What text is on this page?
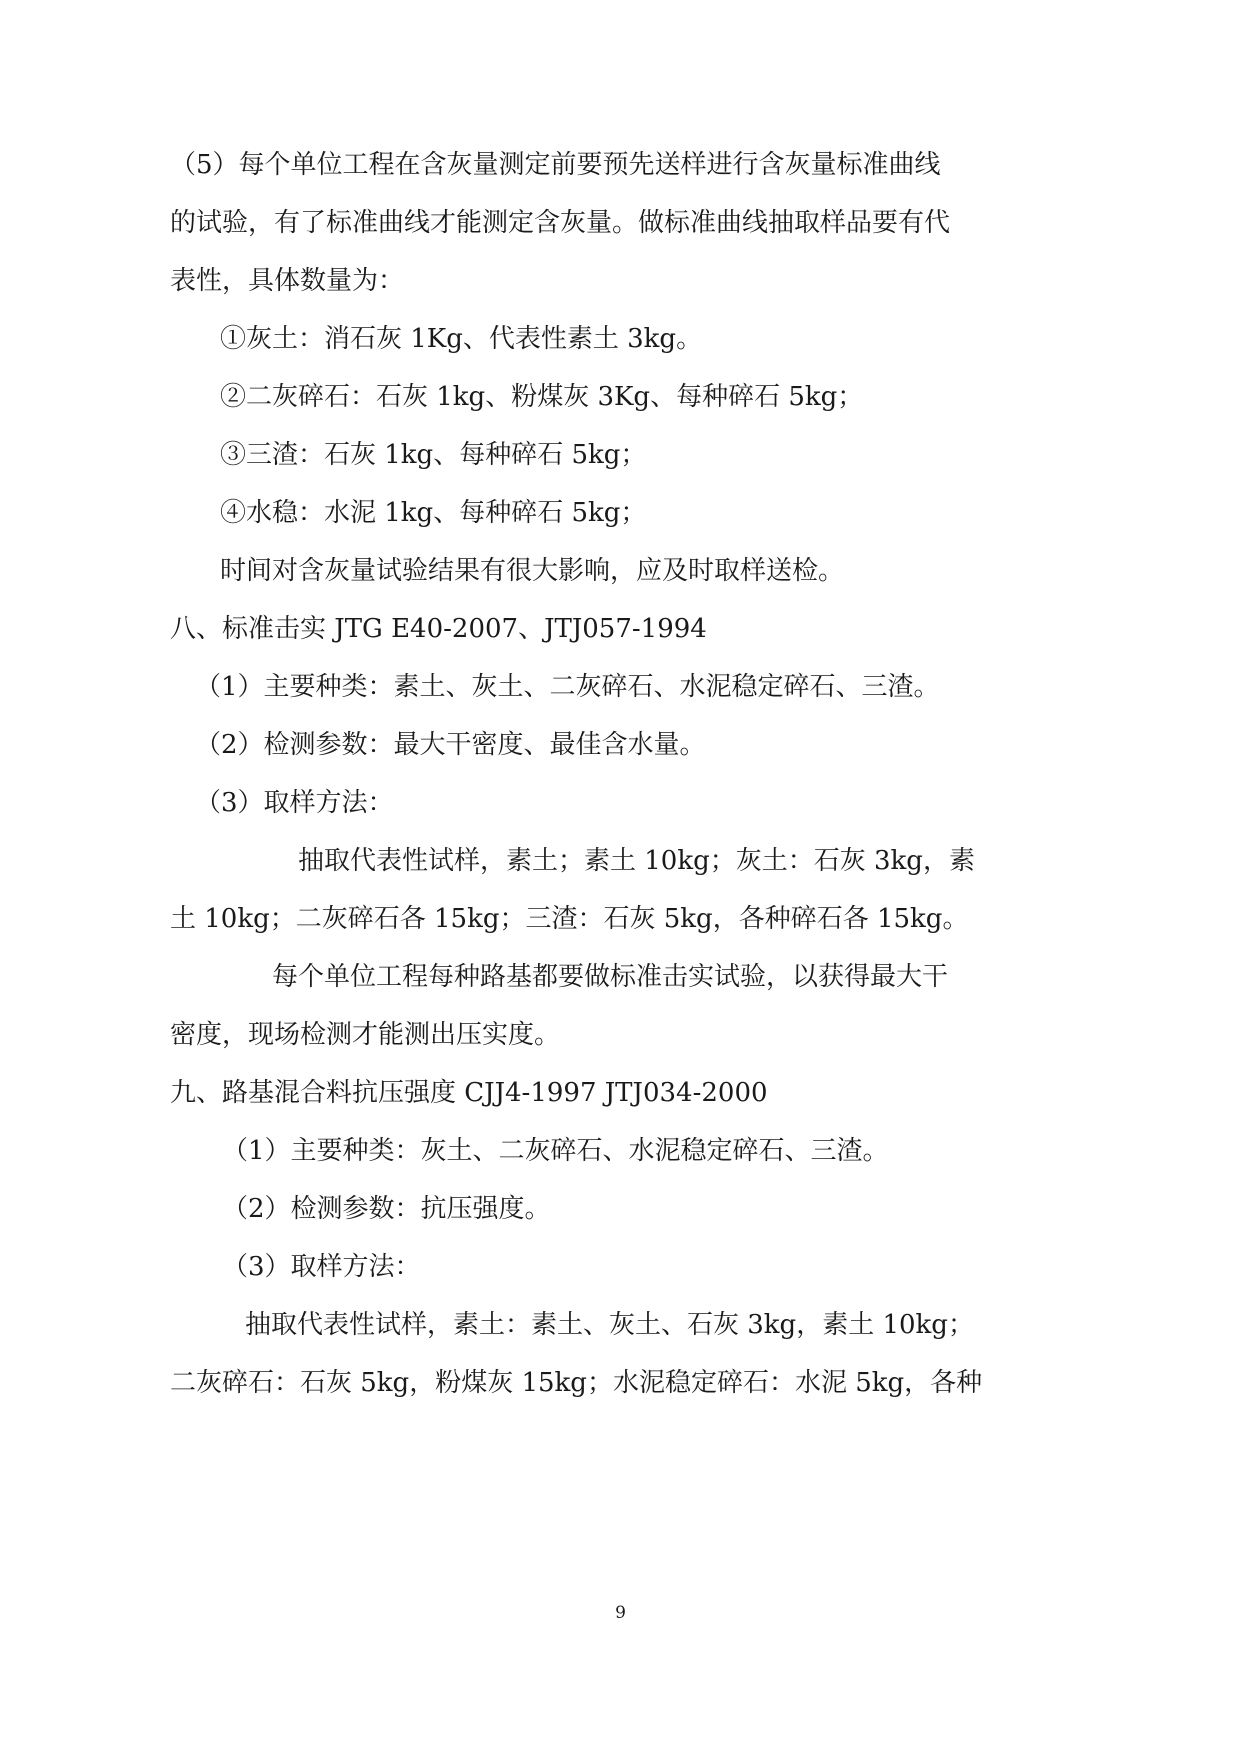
（5）每个单位工程在含灰量测定前要预先送样进行含灰量标准曲线
的试验，有了标准曲线才能测定含灰量。做标准曲线抽取样品要有代
表性，具体数量为：
①灰土：消石灰 1Kg、代表性素土 3kg。
②二灰碎石：石灰 1kg、粉煤灰 3Kg、每种碎石 5kg；
③三渣：石灰 1kg、每种碎石 5kg；
④水稳：水泥 1kg、每种碎石 5kg；
时间对含灰量试验结果有很大影响，应及时取样送检。
八、标准击实 JTG E40-2007、JTJ057-1994
（1）主要种类：素土、灰土、二灰碎石、水泥稳定碎石、三渣。
（2）检测参数：最大干密度、最佳含水量。
（3）取样方法：
抽取代表性试样，素土；素土 10kg；灰土：石灰 3kg，素
土 10kg；二灰碎石各 15kg；三渣：石灰 5kg，各种碎石各 15kg。
每个单位工程每种路基都要做标准击实试验，以获得最大干
密度，现场检测才能测出压实度。
九、路基混合料抗压强度 CJJ4-1997 JTJ034-2000
（1）主要种类：灰土、二灰碎石、水泥稳定碎石、三渣。
（2）检测参数：抗压强度。
（3）取样方法：
抽取代表性试样，素土：素土、灰土、石灰 3kg，素土 10kg；
二灰碎石：石灰 5kg，粉煤灰 15kg；水泥稳定碎石：水泥 5kg，各种
9
